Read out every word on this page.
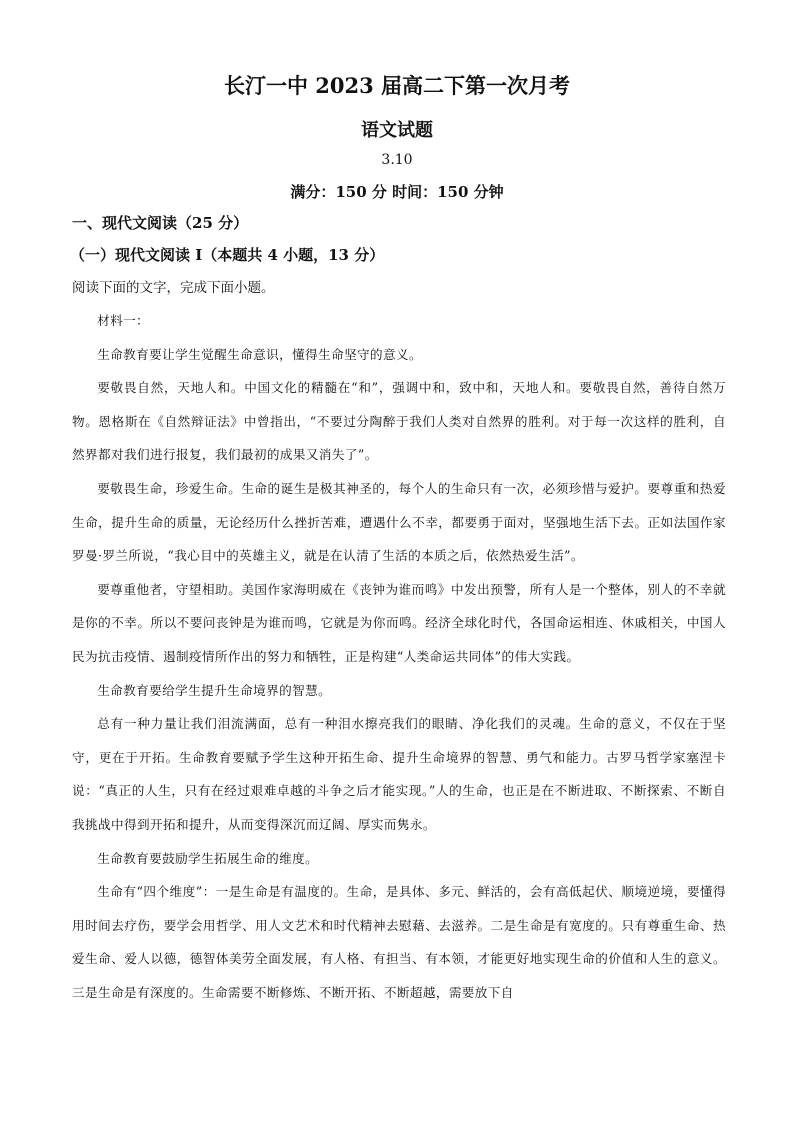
长汀一中 2023 届高二下第一次月考
语文试题
3.10
满分：150 分 时间：150 分钟
一、现代文阅读（25 分）
（一）现代文阅读 I（本题共 4 小题，13 分）
阅读下面的文字，完成下面小题。

材料一：

生命教育要让学生觉醒生命意识，懂得生命坚守的意义。

要敬畏自然，天地人和。中国文化的精髓在“和”，强调中和，致中和，天地人和。要敬畏自然，善待自然万物。恩格斯在《自然辩证法》中曾指出，“不要过分陶醉于我们人类对自然界的胜利。对于每一次这样的胜利，自然界都对我们进行报复，我们最初的成果又消失了”。

要敬畏生命，珍爱生命。生命的诞生是极其神圣的，每个人的生命只有一次，必须珍惜与爱护。要尊重和热爱生命，提升生命的质量，无论经历什么挫折苦难，遭遇什么不幸，都要勇于面对，坚强地生活下去。正如法国作家罗曼·罗兰所说，“我心目中的英雄主义，就是在认清了生活的本质之后，依然热爱生活”。

要尊重他者，守望相助。美国作家海明威在《丧钟为谁而鸣》中发出预警，所有人是一个整体，别人的不幸就是你的不幸。所以不要问丧钟是为谁而鸣，它就是为你而鸣。经济全球化时代，各国命运相连、休戚相关，中国人民为抗击疫情、遏制疫情所作出的努力和牺牲，正是构建“人类命运共同体”的伟大实践。

生命教育要给学生提升生命境界的智慧。

总有一种力量让我们泪流满面，总有一种泪水擦亮我们的眼睛、净化我们的灵魂。生命的意义，不仅在于坚守，更在于开拓。生命教育要赋予学生这种开拓生命、提升生命境界的智慧、勇气和能力。古罗马哲学家塞涅卡说：“真正的人生，只有在经过艰难卓越的斗争之后才能实现。”人的生命，也正是在不断进取、不断探索、不断自我挑战中得到开拓和提升，从而变得深沉而辽阔、厚实而隽永。

生命教育要鼓励学生拓展生命的维度。

生命有“四个维度”：一是生命是有温度的。生命，是具体、多元、鲜活的，会有高低起伏、顺境逆境，要懂得用时间去疗伤，要学会用哲学、用人文艺术和时代精神去慰藉、去滋养。二是生命是有宽度的。只有尊重生命、热爱生命、爱人以德，德智体美劳全面发展，有人格、有担当、有本领，才能更好地实现生命的价值和人生的意义。三是生命是有深度的。生命需要不断修炼、不断开拓、不断超越，需要放下自
